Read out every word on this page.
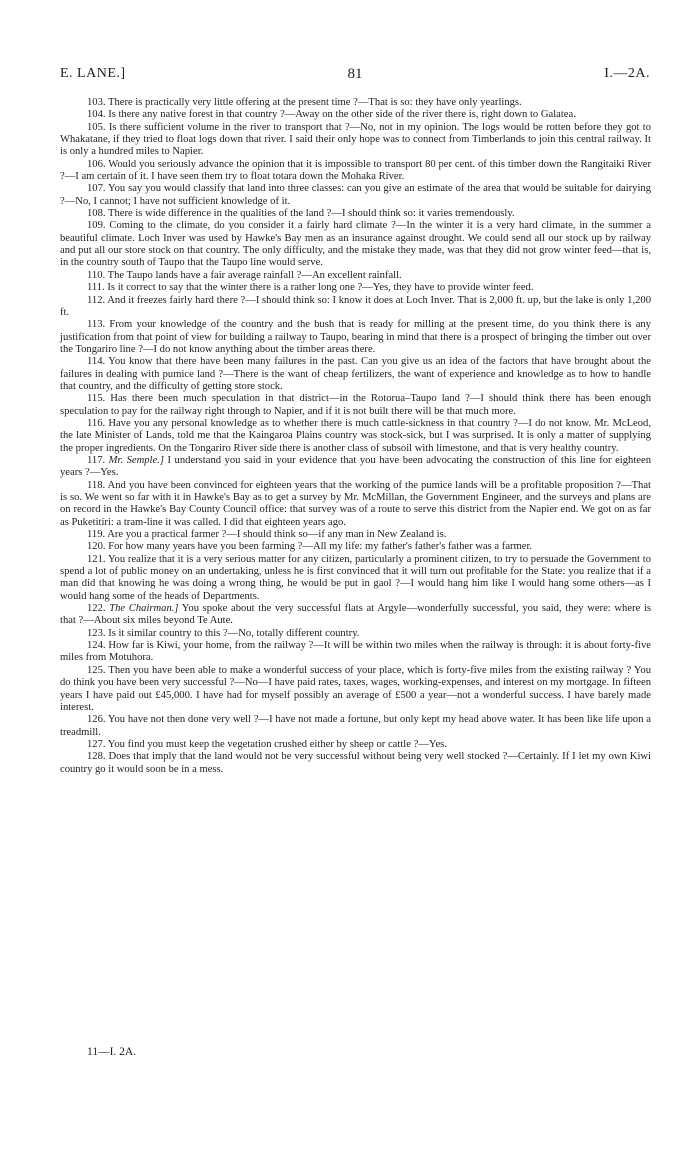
E. LANE.]	81	I.—2A.

103. There is practically very little offering at the present time ?—That is so: they have only yearlings.

104. Is there any native forest in that country ?—Away on the other side of the river there is, right down to Galatea.

105. Is there sufficient volume in the river to transport that ?—No, not in my opinion. The logs would be rotten before they got to Whakatane, if they tried to float logs down that river. I said their only hope was to connect from Timberlands to join this central railway. It is only a hundred miles to Napier.

106. Would you seriously advance the opinion that it is impossible to transport 80 per cent. of this timber down the Rangitaiki River ?—I am certain of it. I have seen them try to float totara down the Mohaka River.

107. You say you would classify that land into three classes: can you give an estimate of the area that would be suitable for dairying ?—No, I cannot; I have not sufficient knowledge of it.

108. There is wide difference in the qualities of the land ?—I should think so: it varies tremendously.

109. Coming to the climate, do you consider it a fairly hard climate ?—In the winter it is a very hard climate, in the summer a beautiful climate. Loch Inver was used by Hawke's Bay men as an insurance against drought. We could send all our stock up by railway and put all our store stock on that country. The only difficulty, and the mistake they made, was that they did not grow winter feed—that is, in the country south of Taupo that the Taupo line would serve.

110. The Taupo lands have a fair average rainfall ?—An excellent rainfall.

111. Is it correct to say that the winter there is a rather long one ?—Yes, they have to provide winter feed.

112. And it freezes fairly hard there ?—I should think so: I know it does at Loch Inver. That is 2,000 ft. up, but the lake is only 1,200 ft.

113. From your knowledge of the country and the bush that is ready for milling at the present time, do you think there is any justification from that point of view for building a railway to Taupo, bearing in mind that there is a prospect of bringing the timber out over the Tongariro line ?—I do not know anything about the timber areas there.

114. You know that there have been many failures in the past. Can you give us an idea of the factors that have brought about the failures in dealing with pumice land ?—There is the want of cheap fertilizers, the want of experience and knowledge as to how to handle that country, and the difficulty of getting store stock.

115. Has there been much speculation in that district—in the Rotorua–Taupo land ?—I should think there has been enough speculation to pay for the railway right through to Napier, and if it is not built there will be that much more.

116. Have you any personal knowledge as to whether there is much cattle-sickness in that country ?—I do not know. Mr. McLeod, the late Minister of Lands, told me that the Kaingaroa Plains country was stock-sick, but I was surprised. It is only a matter of supplying the proper ingredients. On the Tongariro River side there is another class of subsoil with limestone, and that is very healthy country.

117. Mr. Semple.] I understand you said in your evidence that you have been advocating the construction of this line for eighteen years ?—Yes.

118. And you have been convinced for eighteen years that the working of the pumice lands will be a profitable proposition ?—That is so. We went so far with it in Hawke's Bay as to get a survey by Mr. McMillan, the Government Engineer, and the surveys and plans are on record in the Hawke's Bay County Council office: that survey was of a route to serve this district from the Napier end. We got on as far as Puketitiri: a tram-line it was called. I did that eighteen years ago.

119. Are you a practical farmer ?—I should think so—if any man in New Zealand is.

120. For how many years have you been farming ?—All my life: my father's father's father was a farmer.

121. You realize that it is a very serious matter for any citizen, particularly a prominent citizen, to try to persuade the Government to spend a lot of public money on an undertaking, unless he is first convinced that it will turn out profitable for the State: you realize that if a man did that knowing he was doing a wrong thing, he would be put in gaol ?—I would hang him like I would hang some others—as I would hang some of the heads of Departments.

122. The Chairman.] You spoke about the very successful flats at Argyle—wonderfully successful, you said, they were: where is that ?—About six miles beyond Te Aute.

123. Is it similar country to this ?—No, totally different country.

124. How far is Kiwi, your home, from the railway ?—It will be within two miles when the railway is through: it is about forty-five miles from Motuhora.

125. Then you have been able to make a wonderful success of your place, which is forty-five miles from the existing railway ? You do think you have been very successful ?—No—I have paid rates, taxes, wages, working-expenses, and interest on my mortgage. In fifteen years I have paid out £45,000. I have had for myself possibly an average of £500 a year—not a wonderful success. I have barely made interest.

126. You have not then done very well ?—I have not made a fortune, but only kept my head above water. It has been like life upon a treadmill.

127. You find you must keep the vegetation crushed either by sheep or cattle ?—Yes.

128. Does that imply that the land would not be very successful without being very well stocked ?—Certainly. If I let my own Kiwi country go it would soon be in a mess.

11—I. 2A.
